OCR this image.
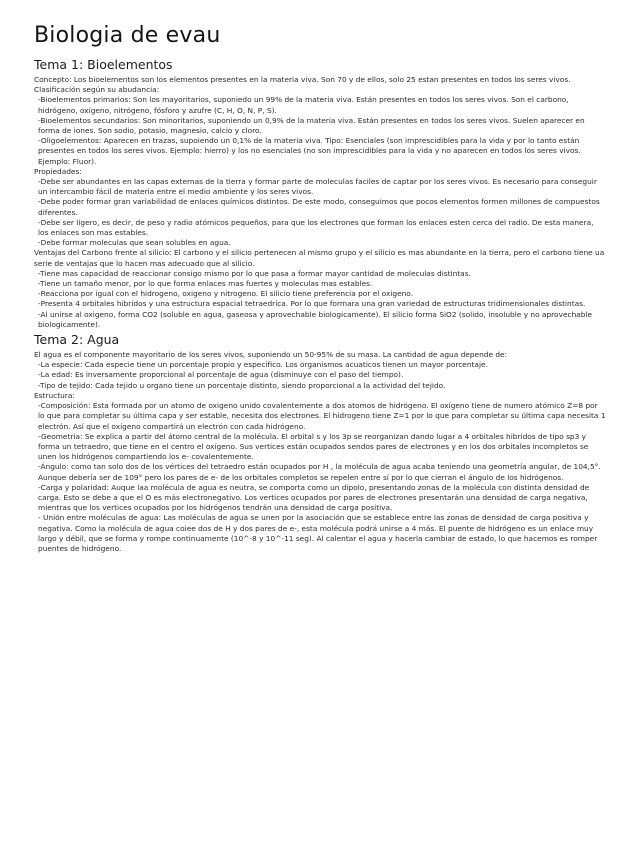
Biologia de evau
Tema 1: Bioelementos

Concepto: Los bioelementos son los elementos presentes en la materia viva. Son 70 y de ellos, solo 25 estan presentes en todos los seres vivos.

Clasificación según su abudancia:

-Bioelementos primarios: Son los mayoritarios, suponiedo un 99% de la materia viva. Están presentes en todos los seres vivos. Son el carbono, hidrógeno, oxígeno, nitrógeno, fósforo y azufre (C, H, O, N, P, S).

-Bioelementos secundarios: Son minoritarios, suponiendo un 0,9% de la materia viva. Están presentes en todos los seres vivos. Suelen aparecer en forma de iones. Son sodio, potasio, magnesio, calcio y cloro.

-Oligoelementos: Aparecen en trazas, supoiendo un 0,1% de la materia viva. Tipo: Esenciales (son imprescidibles para la vida y por lo tanto están presentes en todos los seres vivos. Ejemplo: hierro) y los no esenciales (no son imprescidibles para la vida y no aparecen en todos los seres vivos. Ejemplo: Fluor).

Propiedades:

-Debe ser abundantes en las capas externas de la tierra y formar parte de moleculas faciles de captar por los seres vivos. Es necesario para conseguir un intercambio fácil de materia entre el medio ambiente y los seres vivos.

-Debe poder formar gran variabilidad de enlaces químicos distintos. De este modo, conseguimos que pocos elementos formen millones de compuestos diferentes.

-Debe ser ligero, es decir, de peso y radio atómicos pequeños, para que los electrones que forman los enlaces esten cerca del radio. De esta manera, los enlaces son mas estables.

-Debe formar moleculas que sean solubles en agua.

Ventajas del Carbono frente al silicio: El carbono y el silicio pertenecen al mismo grupo y el silicio es mas abundante en la tierra, pero el carbono tiene ua serie de ventajas que lo hacen mas adecuado que al silicio.

-Tiene mas capacidad de reaccionar consigo mismo por lo que pasa a formar mayor cantidad de moleculas distintas.

-Tiene un tamaño menor, por lo que forma enlaces mas fuertes y moleculas mas estables.

-Reacciona por igual con el hidrogeno, oxigeno y nitrogeno. El silicio tiene preferencia por el oxigeno.

-Presenta 4 orbitales hibridos y una estructura espacial tetraedrica. Por lo que formara una gran variedad de estructuras tridimensionales distintas.

-Al unirse al oxigeno, forma CO2 (soluble en agua, gaseosa y aprovechable biologicamente). El silicio forma SiO2 (solido, insoluble y no aprovechable biologicamente).

Tema 2: Agua

El agua es el componente mayoritario de los seres vivos, suponiendo un 50-95% de su masa. La cantidad de agua depende de:

-La especie: Cada especie tiene un porcentaje propio y especifico. Los organismos acuaticos tienen un mayor porcentaje.

-La edad: Es inversamente proporcional al porcentaje de agua (disminuye con el paso del tiempo).

-Tipo de tejido: Cada tejido u organo tiene un porcentaje distinto, siendo proporcional a la actividad del tejido.

Estructura:

-Composición: Esta formada por un atomo de oxigeno unido covalentemente a dos atomos de hidrógeno. El oxígeno tiene de numero atómico Z=8 por lo que para completar su última capa y ser estable, necesita dos electrones. El hidrogeno tiene Z=1 por lo que para completar su última capa necesita 1 electrón. Así que el oxígeno compartirá un electrón con cada hidrógeno.

-Geometría: Se explica a partir del átomo central de la molécula. El orbital s y los 3p se reorganizan dando lugar a 4 orbitales hibridos de tipo sp3 y forma un tetraedro, que tiene en el centro el oxígeno. Sus vertices están ocupados sendos pares de electrones y en los dos orbitales incompletos se unen los hidrógenos compartiendo los e- covalentemente.

-Ángulo: como tan solo dos de los vértices del tetraedro están ocupados por H , la molécula de agua acaba teniendo una geometría angular, de 104,5°. Aunque debería ser de 109° pero los pares de e- de los orbitales completos se repelen entre sí por lo que cierran el ángulo de los hidrógenos.

-Carga y polaridad: Auque laa molécula de agua es neutra, se comporta como un dipolo, presentando zonas de la molécula con distinta densidad de carga. Esto se debe a que el O es más electronegativo. Los vertices ocupados por pares de electrones presentarán una densidad de carga negativa, mientras que los vertices ocupados por los hidrógenos tendrán una densidad de carga positiva.

- Unión entre moléculas de agua: Las moléculas de agua se unen por la asociación que se establece entre las zonas de densidad de carga positiva y negativa. Como la molécula de agua coiee dos de H y dos pares de e-, esta molécula podrá unirse a 4 más. El puente de hidrógeno es un enlace muy largo y débil, que se forma y rompe continuamente (10^-8 y 10^-11 seg). Al calentar el agua y hacerla cambiar de estado, lo que hacemos es romper puentes de hidrógeno.
